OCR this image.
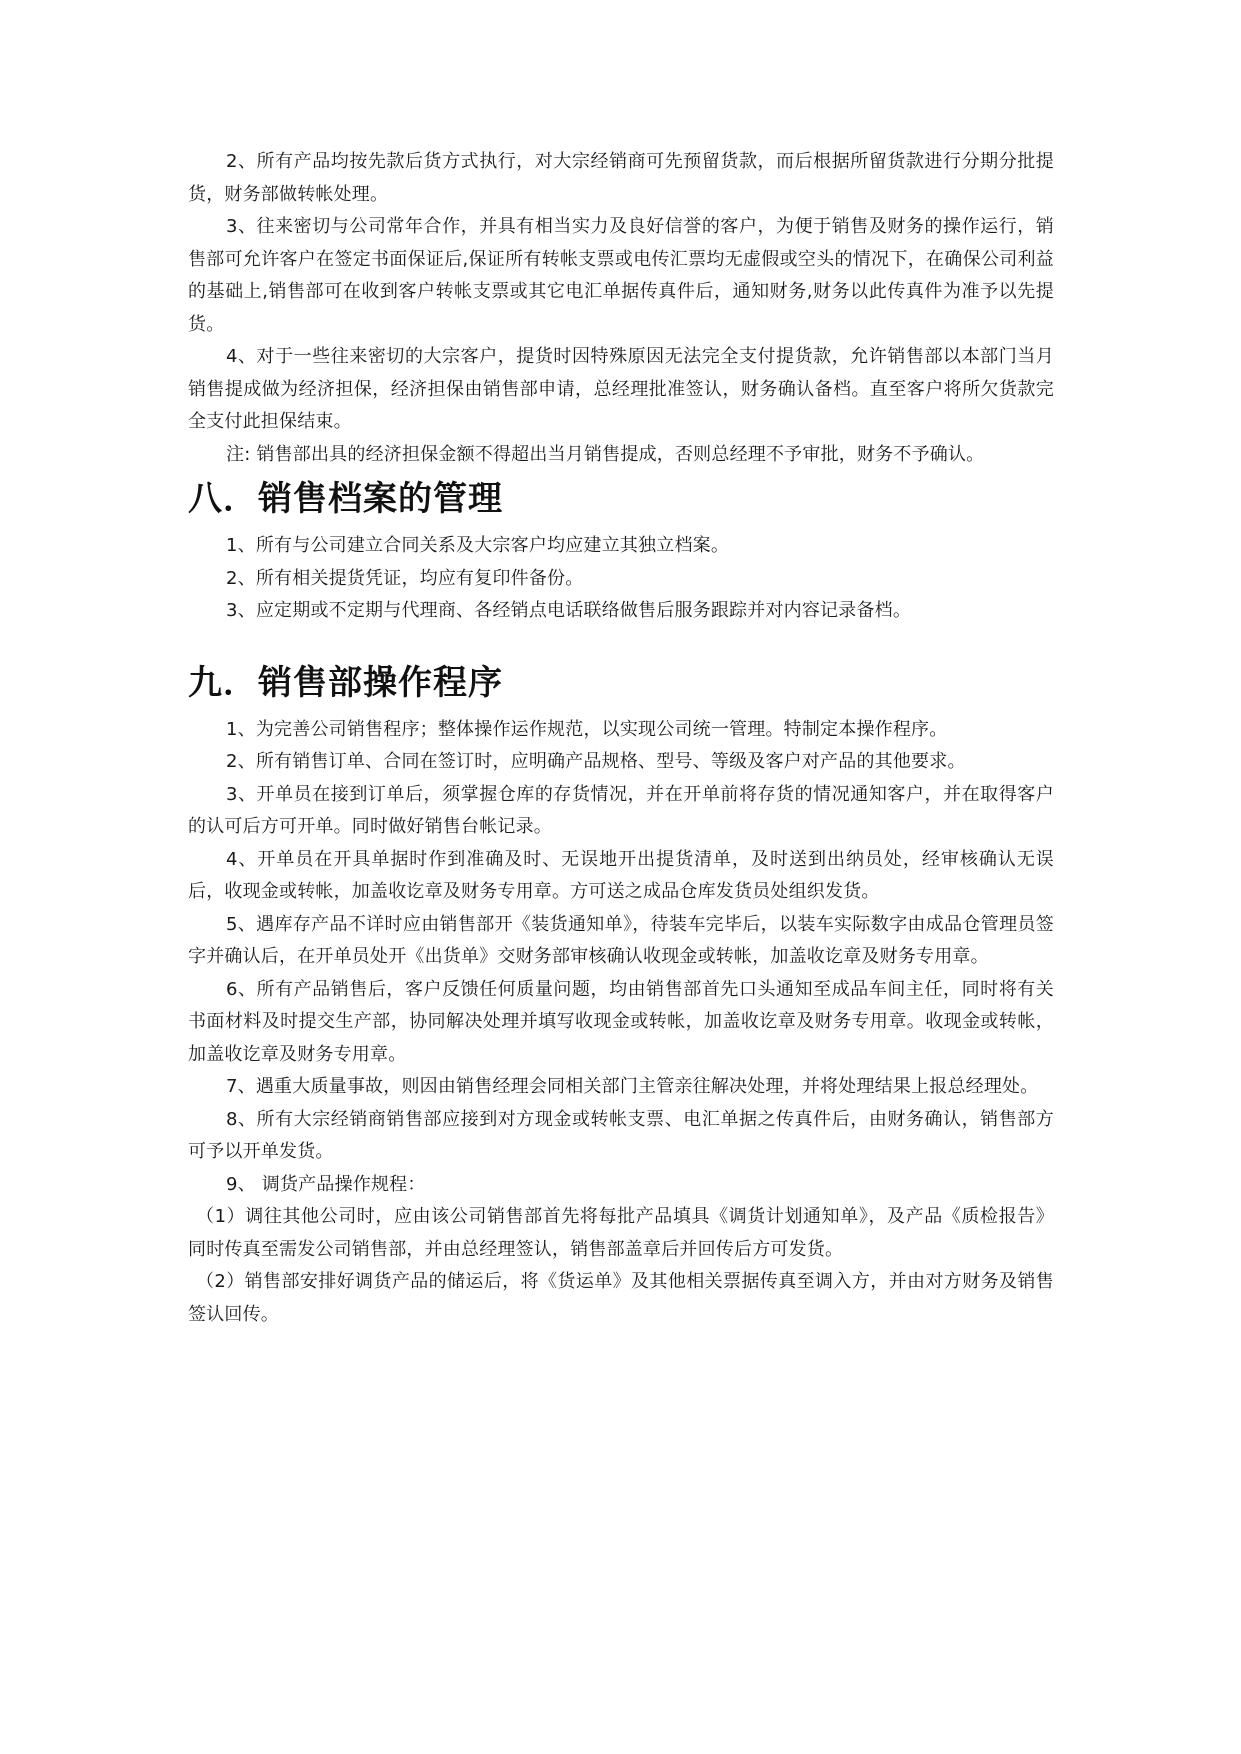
2、所有产品均按先款后货方式执行，对大宗经销商可先预留货款，而后根据所留货款进行分期分批提货，财务部做转帐处理。

3、往来密切与公司常年合作，并具有相当实力及良好信誉的客户，为便于销售及财务的操作运行，销售部可允许客户在签定书面保证后,保证所有转帐支票或电传汇票均无虚假或空头的情况下，在确保公司利益的基础上,销售部可在收到客户转帐支票或其它电汇单据传真件后，通知财务,财务以此传真件为准予以先提货。

4、对于一些往来密切的大宗客户，提货时因特殊原因无法完全支付提货款，允许销售部以本部门当月销售提成做为经济担保，经济担保由销售部申请，总经理批准签认，财务确认备档。直至客户将所欠货款完全支付此担保结束。

注: 销售部出具的经济担保金额不得超出当月销售提成，否则总经理不予审批，财务不予确认。

八．销售档案的管理

1、所有与公司建立合同关系及大宗客户均应建立其独立档案。

2、所有相关提货凭证，均应有复印件备份。

3、应定期或不定期与代理商、各经销点电话联络做售后服务跟踪并对内容记录备档。

九．销售部操作程序

1、为完善公司销售程序；整体操作运作规范，以实现公司统一管理。特制定本操作程序。

2、所有销售订单、合同在签订时，应明确产品规格、型号、等级及客户对产品的其他要求。

3、开单员在接到订单后，须掌握仓库的存货情况，并在开单前将存货的情况通知客户，并在取得客户的认可后方可开单。同时做好销售台帐记录。

4、开单员在开具单据时作到准确及时、无误地开出提货清单，及时送到出纳员处，经审核确认无误后，收现金或转帐，加盖收讫章及财务专用章。方可送之成品仓库发货员处组织发货。

5、遇库存产品不详时应由销售部开《装货通知单》，待装车完毕后，以装车实际数字由成品仓管理员签字并确认后，在开单员处开《出货单》交财务部审核确认收现金或转帐，加盖收讫章及财务专用章。

6、所有产品销售后，客户反馈任何质量问题，均由销售部首先口头通知至成品车间主任，同时将有关书面材料及时提交生产部，协同解决处理并填写收现金或转帐，加盖收讫章及财务专用章。收现金或转帐，加盖收讫章及财务专用章。

7、遇重大质量事故，则因由销售经理会同相关部门主管亲往解决处理，并将处理结果上报总经理处。

8、所有大宗经销商销售部应接到对方现金或转帐支票、电汇单据之传真件后，由财务确认，销售部方可予以开单发货。

9、 调货产品操作规程：

（1）调往其他公司时，应由该公司销售部首先将每批产品填具《调货计划通知单》，及产品《质检报告》同时传真至需发公司销售部，并由总经理签认，销售部盖章后并回传后方可发货。

（2）销售部安排好调货产品的储运后，将《货运单》及其他相关票据传真至调入方，并由对方财务及销售签认回传。
